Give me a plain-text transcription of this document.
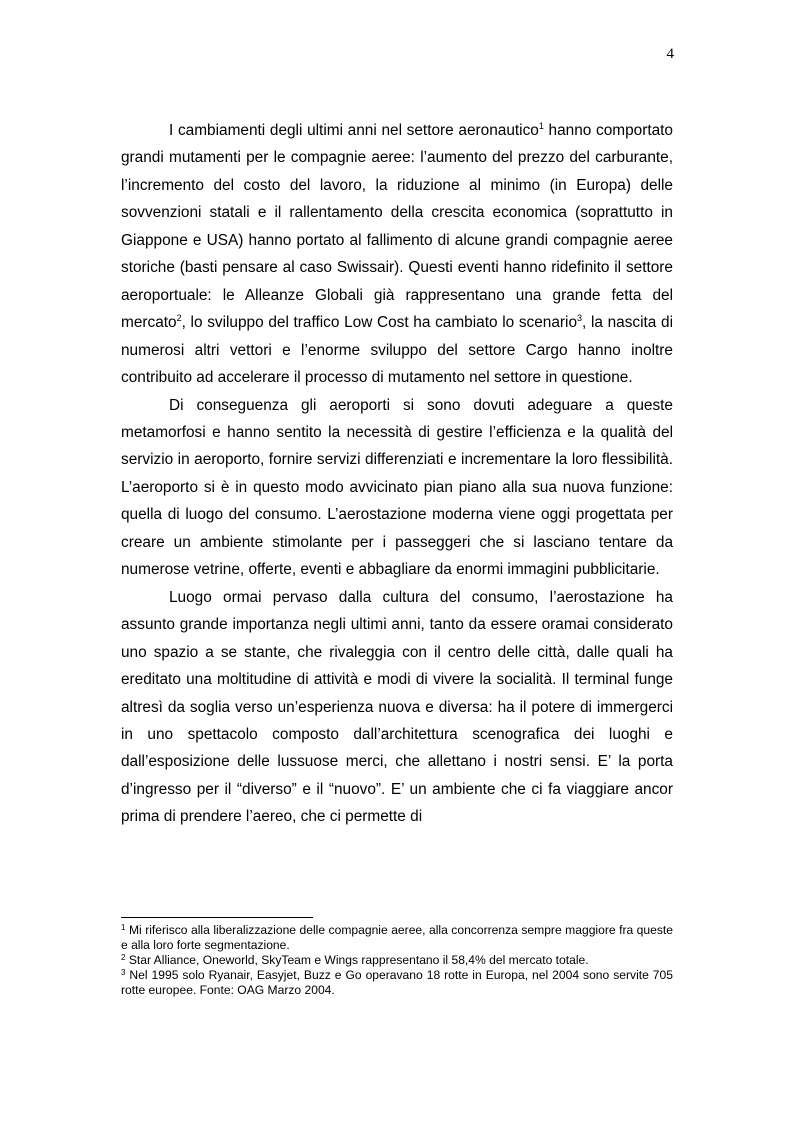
4

I cambiamenti degli ultimi anni nel settore aeronautico$^1$ hanno comportato grandi mutamenti per le compagnie aeree: l’aumento del prezzo del carburante, l’incremento del costo del lavoro, la riduzione al minimo (in Europa) delle sovvenzioni statali e il rallentamento della crescita economica (soprattutto in Giappone e USA) hanno portato al fallimento di alcune grandi compagnie aeree storiche (basti pensare al caso Swissair). Questi eventi hanno ridefinito il settore aeroportuale: le Alleanze Globali già rappresentano una grande fetta del mercato$^2$, lo sviluppo del traffico Low Cost ha cambiato lo scenario$^3$, la nascita di numerosi altri vettori e l’enorme sviluppo del settore Cargo hanno inoltre contribuito ad accelerare il processo di mutamento nel settore in questione.

Di conseguenza gli aeroporti si sono dovuti adeguare a queste metamorfosi e hanno sentito la necessità di gestire l’efficienza e la qualità del servizio in aeroporto, fornire servizi differenziati e incrementare la loro flessibilità. L’aeroporto si è in questo modo avvicinato pian piano alla sua nuova funzione: quella di luogo del consumo. L’aerostazione moderna viene oggi progettata per creare un ambiente stimolante per i passeggeri che si lasciano tentare da numerose vetrine, offerte, eventi e abbagliare da enormi immagini pubblicitarie.

Luogo ormai pervaso dalla cultura del consumo, l’aerostazione ha assunto grande importanza negli ultimi anni, tanto da essere oramai considerato uno spazio a se stante, che rivaleggia con il centro delle città, dalle quali ha ereditato una moltitudine di attività e modi di vivere la socialità. Il terminal funge altresì da soglia verso un’esperienza nuova e diversa: ha il potere di immergerci in uno spettacolo composto dall’architettura scenografica dei luoghi e dall’esposizione delle lussuose merci, che allettano i nostri sensi. E’ la porta d’ingresso per il “diverso” e il “nuovo”. E’ un ambiente che ci fa viaggiare ancor prima di prendere l’aereo, che ci permette di

$^1$ Mi riferisco alla liberalizzazione delle compagnie aeree, alla concorrenza sempre maggiore fra queste e alla loro forte segmentazione.

$^2$ Star Alliance, Oneworld, SkyTeam e Wings rappresentano il 58,4% del mercato totale.

$^3$ Nel 1995 solo Ryanair, Easyjet, Buzz e Go operavano 18 rotte in Europa, nel 2004 sono servite 705 rotte europee. Fonte: OAG Marzo 2004.
